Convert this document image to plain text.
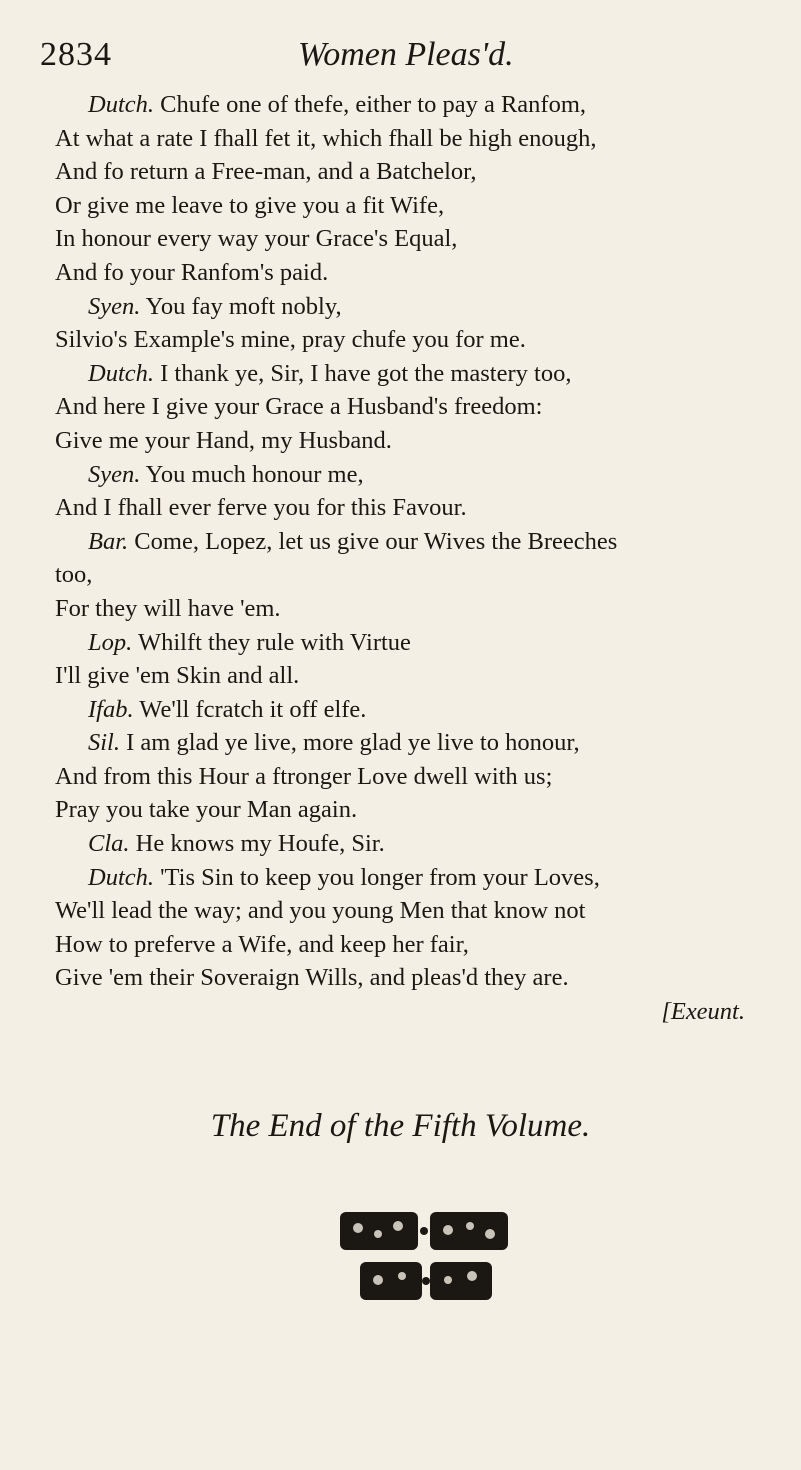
2834	Women Pleas'd.
Dutch. Chufe one of thefe, either to pay a Ranfom,
At what a rate I fhall fet it, which fhall be high enough,
And fo return a Free-man, and a Batchelor,
Or give me leave to give you a fit Wife,
In honour every way your Grace's Equal,
And fo your Ranfom's paid.
Syen. You fay moft nobly,
Silvio's Example's mine, pray chufe you for me.
Dutch. I thank ye, Sir, I have got the mastery too,
And here I give your Grace a Husband's freedom:
Give me your Hand, my Husband.
Syen. You much honour me,
And I fhall ever ferve you for this Favour.
Bar. Come, Lopez, let us give our Wives the Breeches
too,
For they will have 'em.
Lop. Whilft they rule with Virtue
I'll give 'em Skin and all.
Ifab. We'll fcratch it off elfe.
Sil. I am glad ye live, more glad ye live to honour,
And from this Hour a ftronger Love dwell with us;
Pray you take your Man again.
Cla. He knows my Houfe, Sir.
Dutch. 'Tis Sin to keep you longer from your Loves,
We'll lead the way; and you young Men that know not
How to preferve a Wife, and keep her fair,
Give 'em their Soveraign Wills, and pleas'd they are.
[Exeunt.
The End of the Fifth Volume.
